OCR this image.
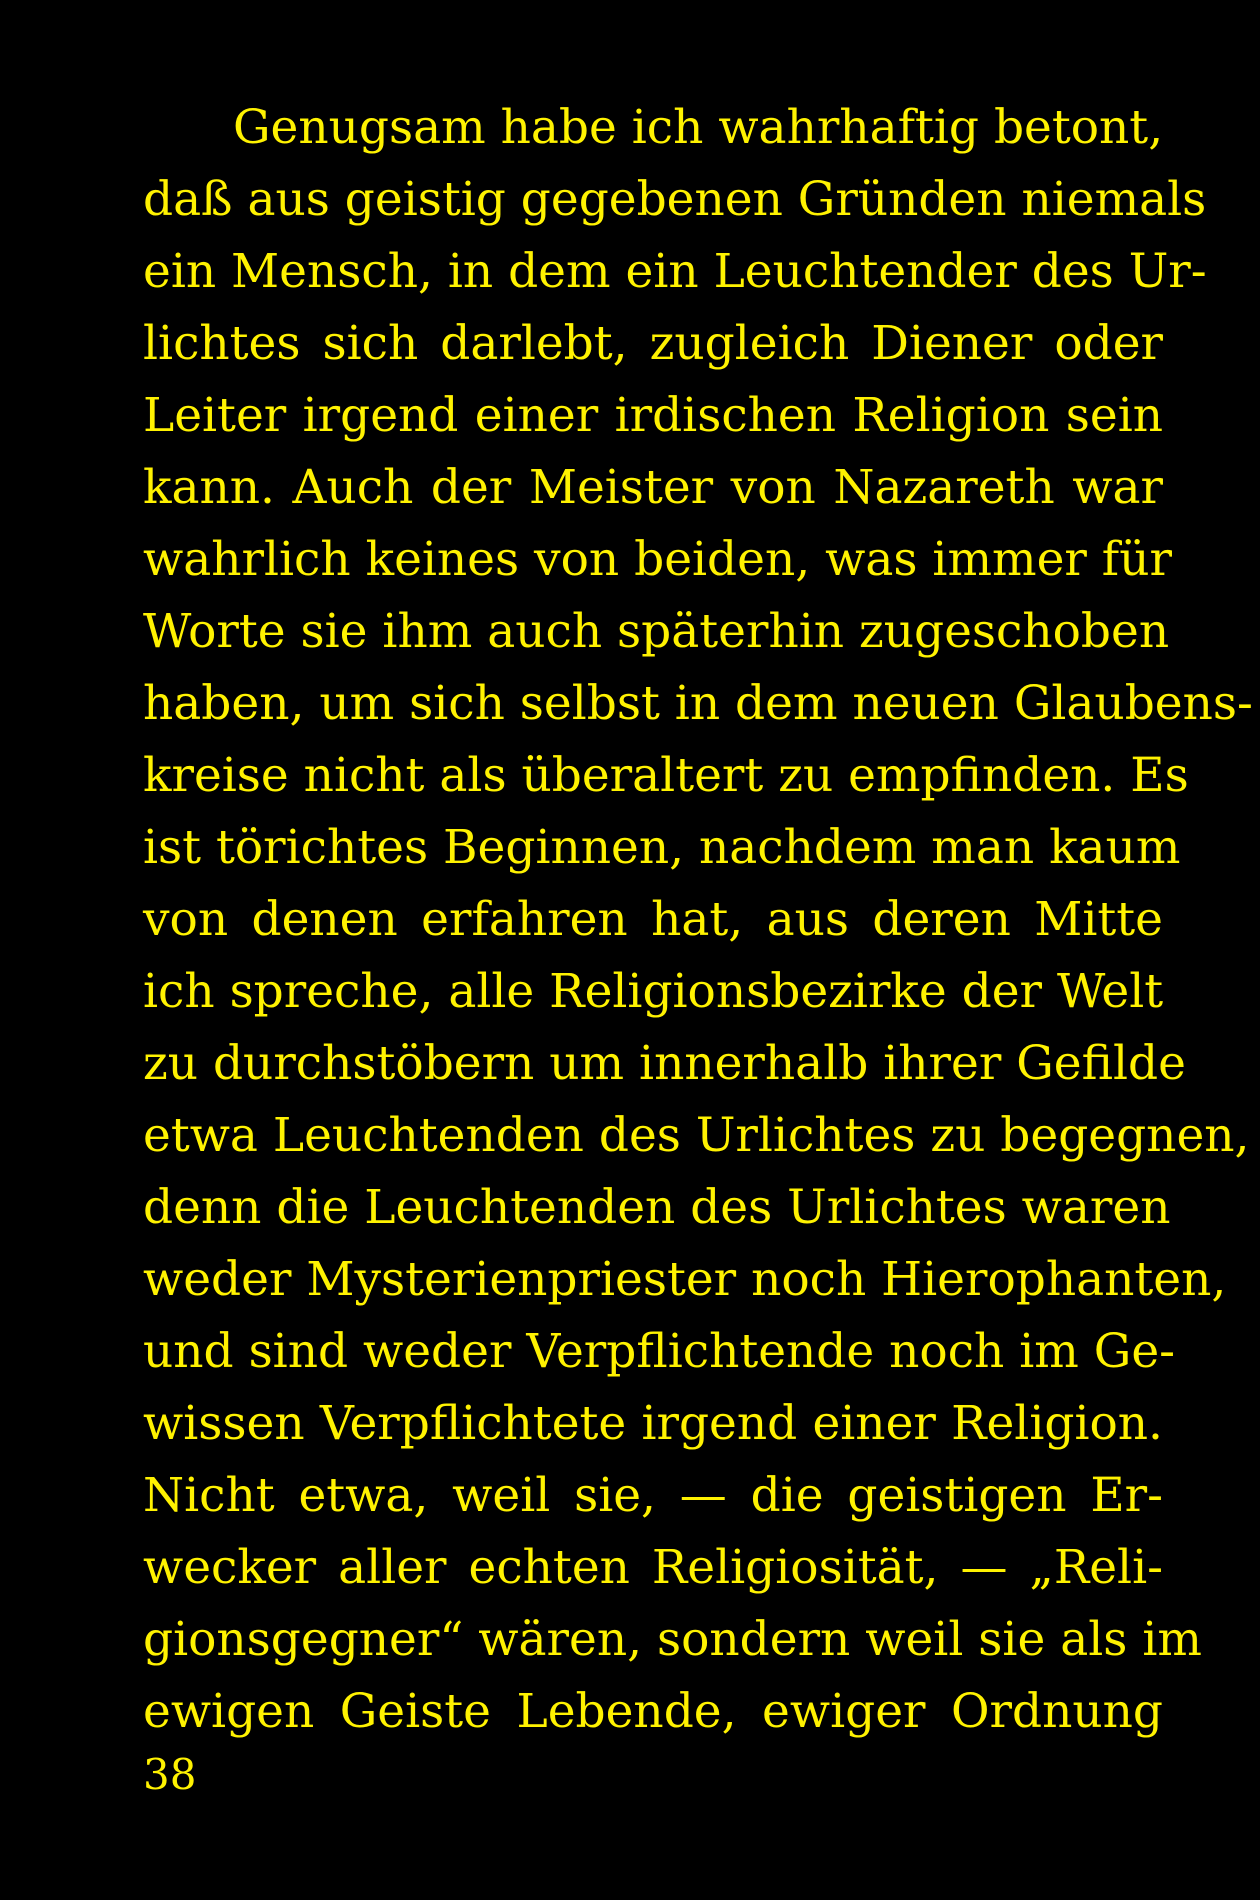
Genugsam habe ich wahrhaftig betont,
daß aus geistig gegebenen Gründen niemals
ein Mensch, in dem ein Leuchtender des Ur-
lichtes sich darlebt, zugleich Diener oder
Leiter irgend einer irdischen Religion sein
kann. Auch der Meister von Nazareth war
wahrlich keines von beiden, was immer für
Worte sie ihm auch späterhin zugeschoben
haben, um sich selbst in dem neuen Glaubens-
kreise nicht als überaltert zu empfinden. Es
ist törichtes Beginnen, nachdem man kaum
von denen erfahren hat, aus deren Mitte
ich spreche, alle Religionsbezirke der Welt
zu durchstöbern um innerhalb ihrer Gefilde
etwa Leuchtenden des Urlichtes zu begegnen,
denn die Leuchtenden des Urlichtes waren
weder Mysterienpriester noch Hierophanten,
und sind weder Verpflichtende noch im Ge-
wissen Verpflichtete irgend einer Religion.
Nicht etwa, weil sie, — die geistigen Er-
wecker aller echten Religiosität, — „Reli-
gionsgegner“ wären, sondern weil sie als im
ewigen Geiste Lebende, ewiger Ordnung
38
